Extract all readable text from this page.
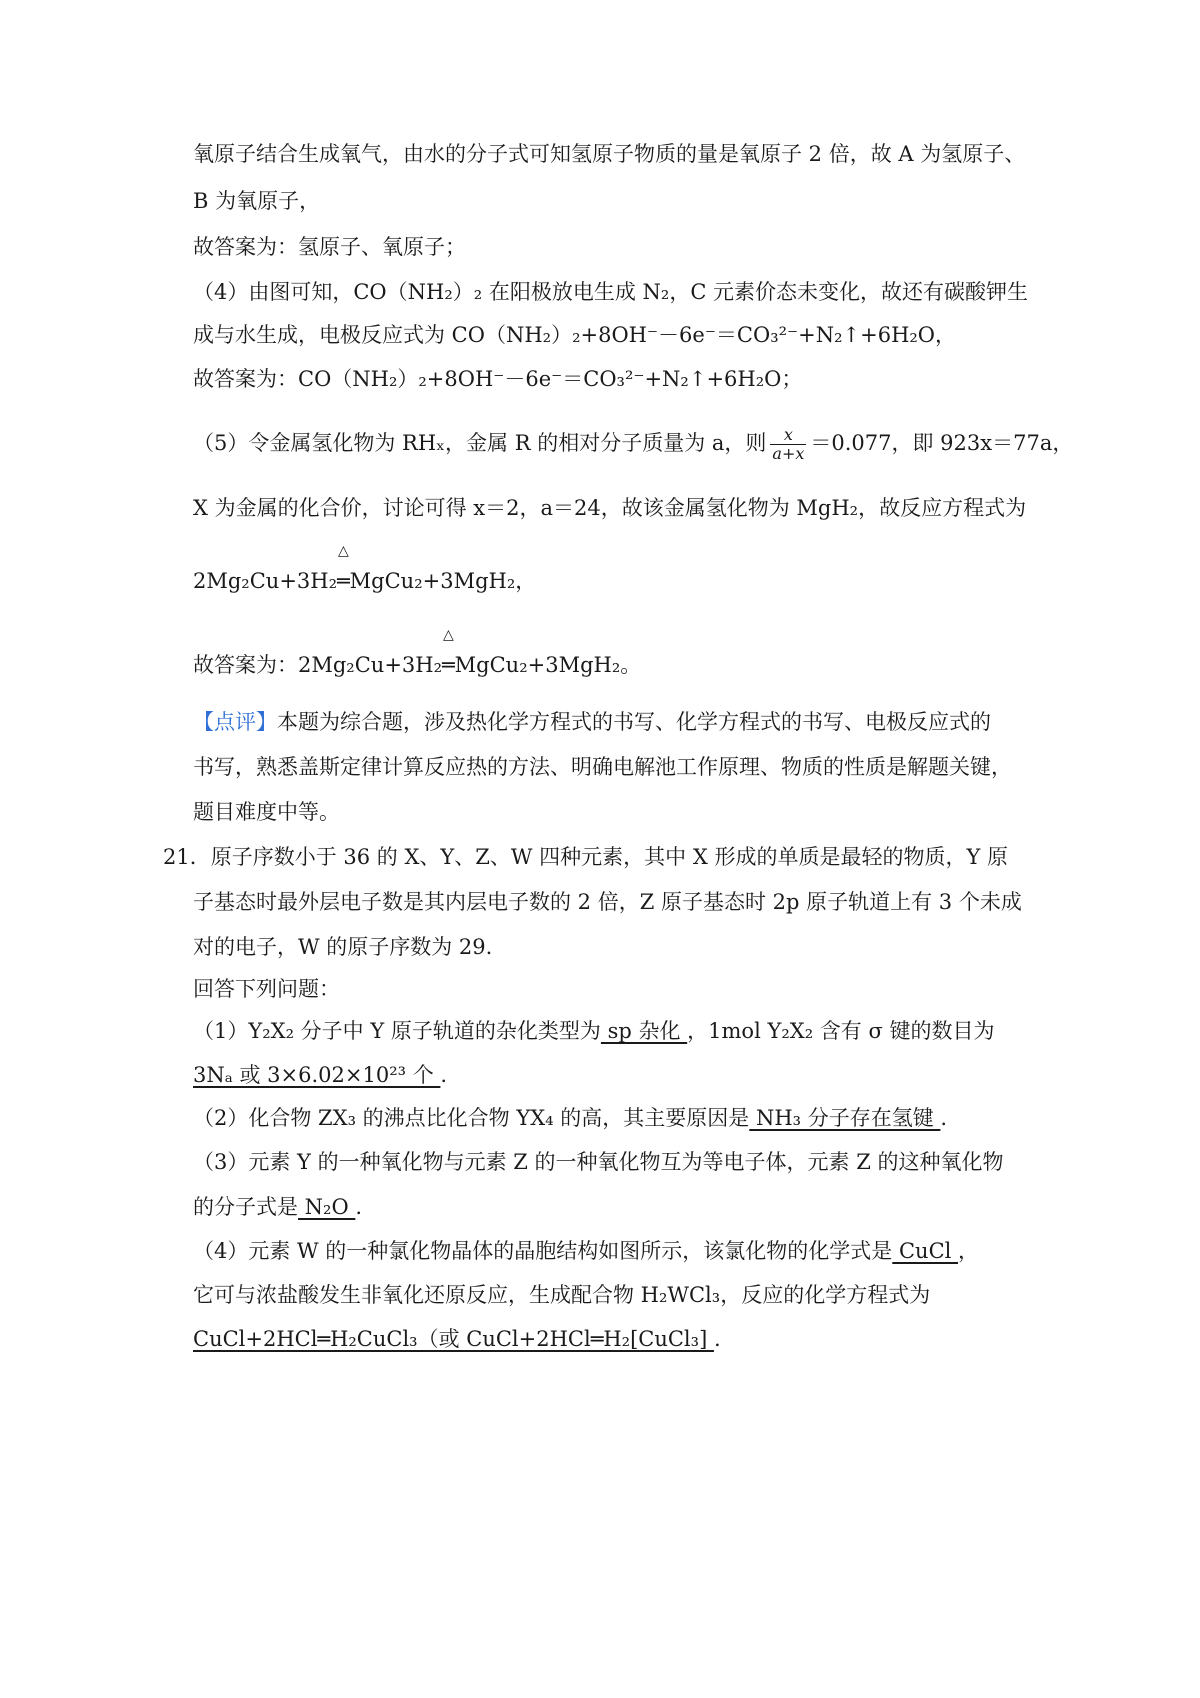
氧原子结合生成氧气，由水的分子式可知氢原子物质的量是氧原子 2 倍，故 A 为氢原子、
B 为氧原子，
故答案为：氢原子、氧原子；
（4）由图可知，CO（NH₂）₂ 在阳极放电生成 N₂，C 元素价态未变化，故还有碳酸钾生
成与水生成，电极反应式为 CO（NH₂）₂+8OH⁻－6e⁻＝CO₃²⁻+N₂↑+6H₂O，
故答案为：CO（NH₂）₂+8OH⁻－6e⁻＝CO₃²⁻+N₂↑+6H₂O；
（5）令金属氢化物为 RHₓ，金属 R 的相对分子质量为 a，则 $\frac{x}{a+x} =0.077$，即 923x＝77a，
X 为金属的化合价，讨论可得 x＝2，a＝24，故该金属氢化物为 MgH₂，故反应方程式为
2Mg₂Cu+3H₂
△
═MgCu₂+3MgH₂，
故答案为：2Mg₂Cu+3H₂
△
═MgCu₂+3MgH₂。
【点评】本题为综合题，涉及热化学方程式的书写、化学方程式的书写、电极反应式的
书写，熟悉盖斯定律计算反应热的方法、明确电解池工作原理、物质的性质是解题关键，
题目难度中等。
21．原子序数小于 36 的 X、Y、Z、W 四种元素，其中 X 形成的单质是最轻的物质，Y 原
子基态时最外层电子数是其内层电子数的 2 倍，Z 原子基态时 2p 原子轨道上有 3 个未成
对的电子，W 的原子序数为 29.
回答下列问题：
（1）Y₂X₂ 分子中 Y 原子轨道的杂化类型为 sp 杂化 ，1mol Y₂X₂ 含有 σ 键的数目为
3Nₐ 或 3×6.02×10²³ 个 .
（2）化合物 ZX₃ 的沸点比化合物 YX₄ 的高，其主要原因是 NH₃ 分子存在氢键 .
（3）元素 Y 的一种氧化物与元素 Z 的一种氧化物互为等电子体，元素 Z 的这种氧化物
的分子式是 N₂O .
（4）元素 W 的一种氯化物晶体的晶胞结构如图所示，该氯化物的化学式是 CuCl ，
它可与浓盐酸发生非氧化还原反应，生成配合物 H₂WCl₃，反应的化学方程式为
CuCl+2HCl═H₂CuCl₃（或 CuCl+2HCl═H₂[CuCl₃] .
